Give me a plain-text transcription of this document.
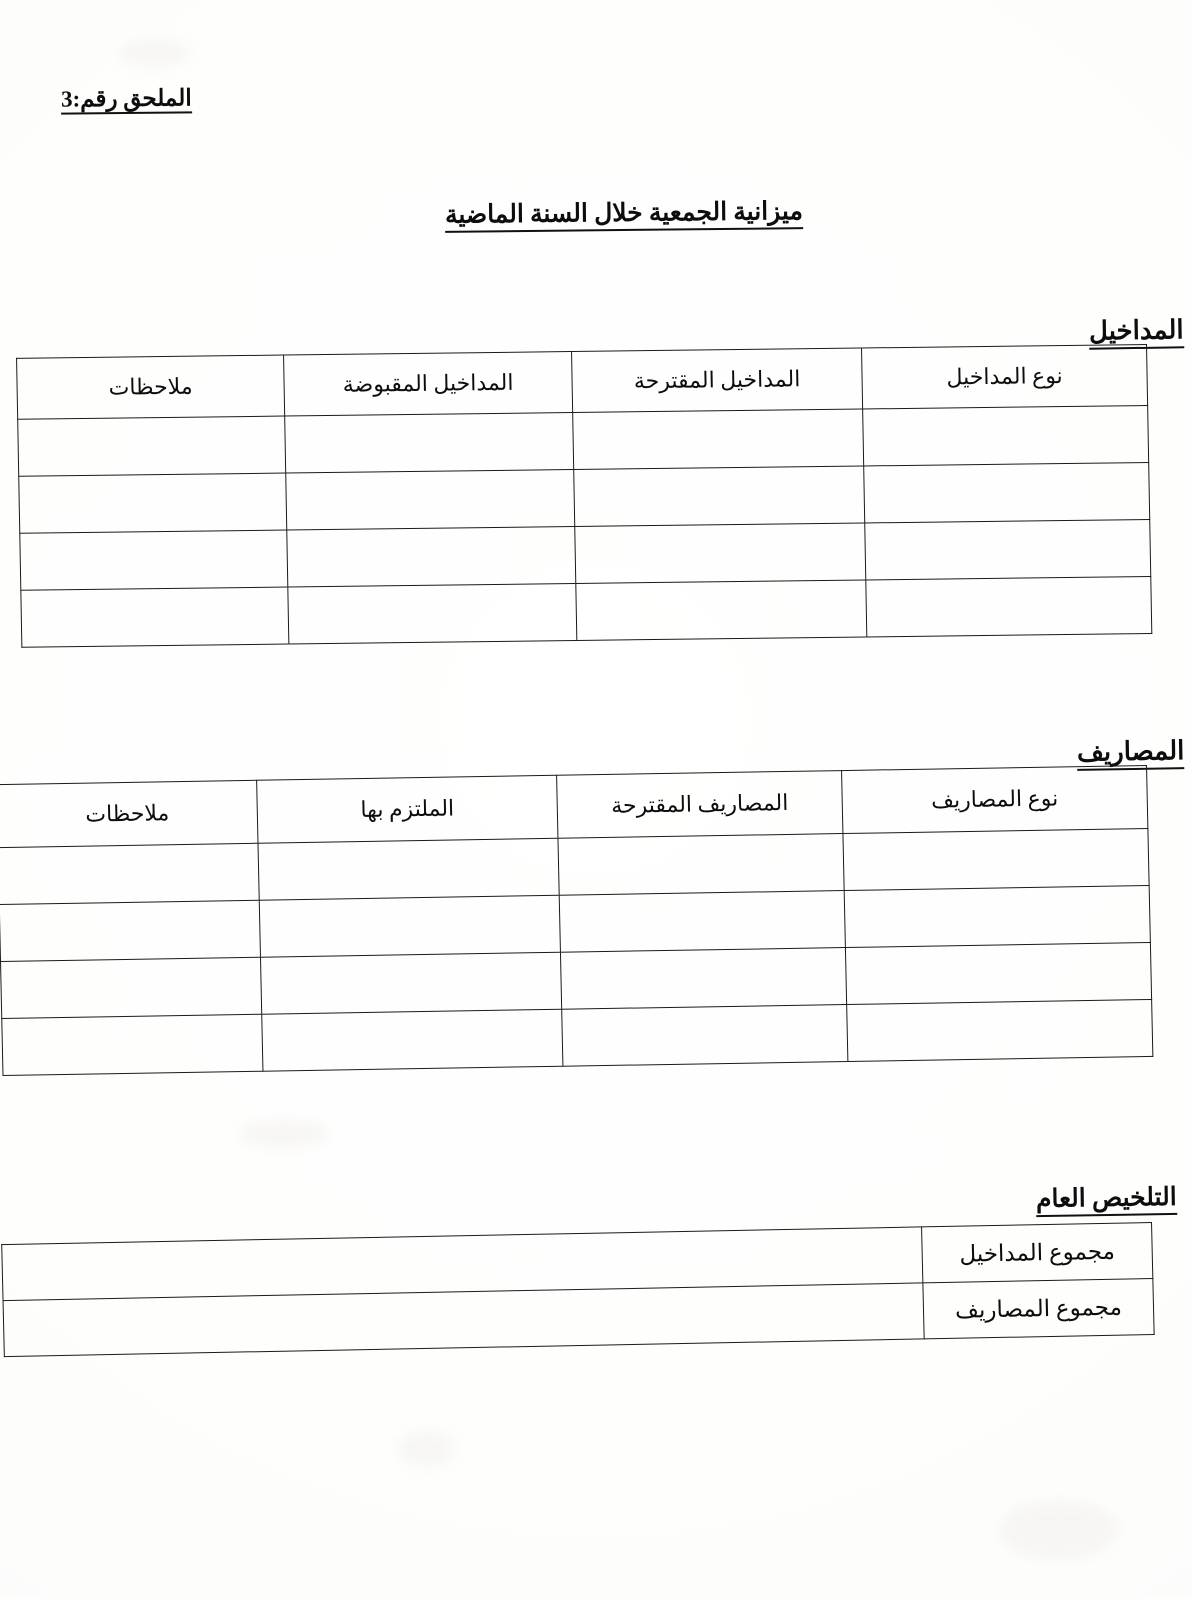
الملحق رقم:3
ميزانية الجمعية خلال السنة الماضية
المداخيل
نوع المداخيل	المداخيل المقترحة	المداخيل المقبوضة	ملاحظات

المصاريف
نوع المصاريف	المصاريف المقترحة	الملتزم بها	ملاحظات

التلخيص العام
مجموع المداخيل	
مجموع المصاريف	
